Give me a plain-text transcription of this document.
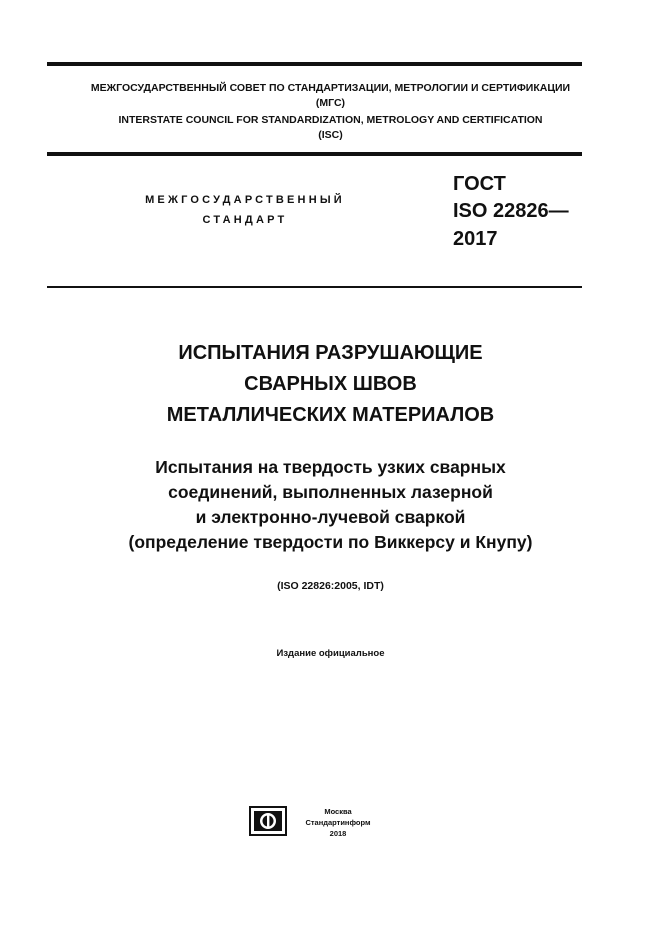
МЕЖГОСУДАРСТВЕННЫЙ СОВЕТ ПО СТАНДАРТИЗАЦИИ, МЕТРОЛОГИИ И СЕРТИФИКАЦИИ
(МГС)
INTERSTATE COUNCIL FOR STANDARDIZATION, METROLOGY AND CERTIFICATION
(ISC)
МЕЖГОСУДАРСТВЕННЫЙ
СТАНДАРТ
ГОСТ
ISO 22826—
2017
ИСПЫТАНИЯ РАЗРУШАЮЩИЕ
СВАРНЫХ ШВОВ
МЕТАЛЛИЧЕСКИХ МАТЕРИАЛОВ
Испытания на твердость узких сварных
соединений, выполненных лазерной
и электронно-лучевой сваркой
(определение твердости по Виккерсу и Кнупу)
(ISO 22826:2005, IDT)
Издание официальное
Москва
Стандартинформ
2018
